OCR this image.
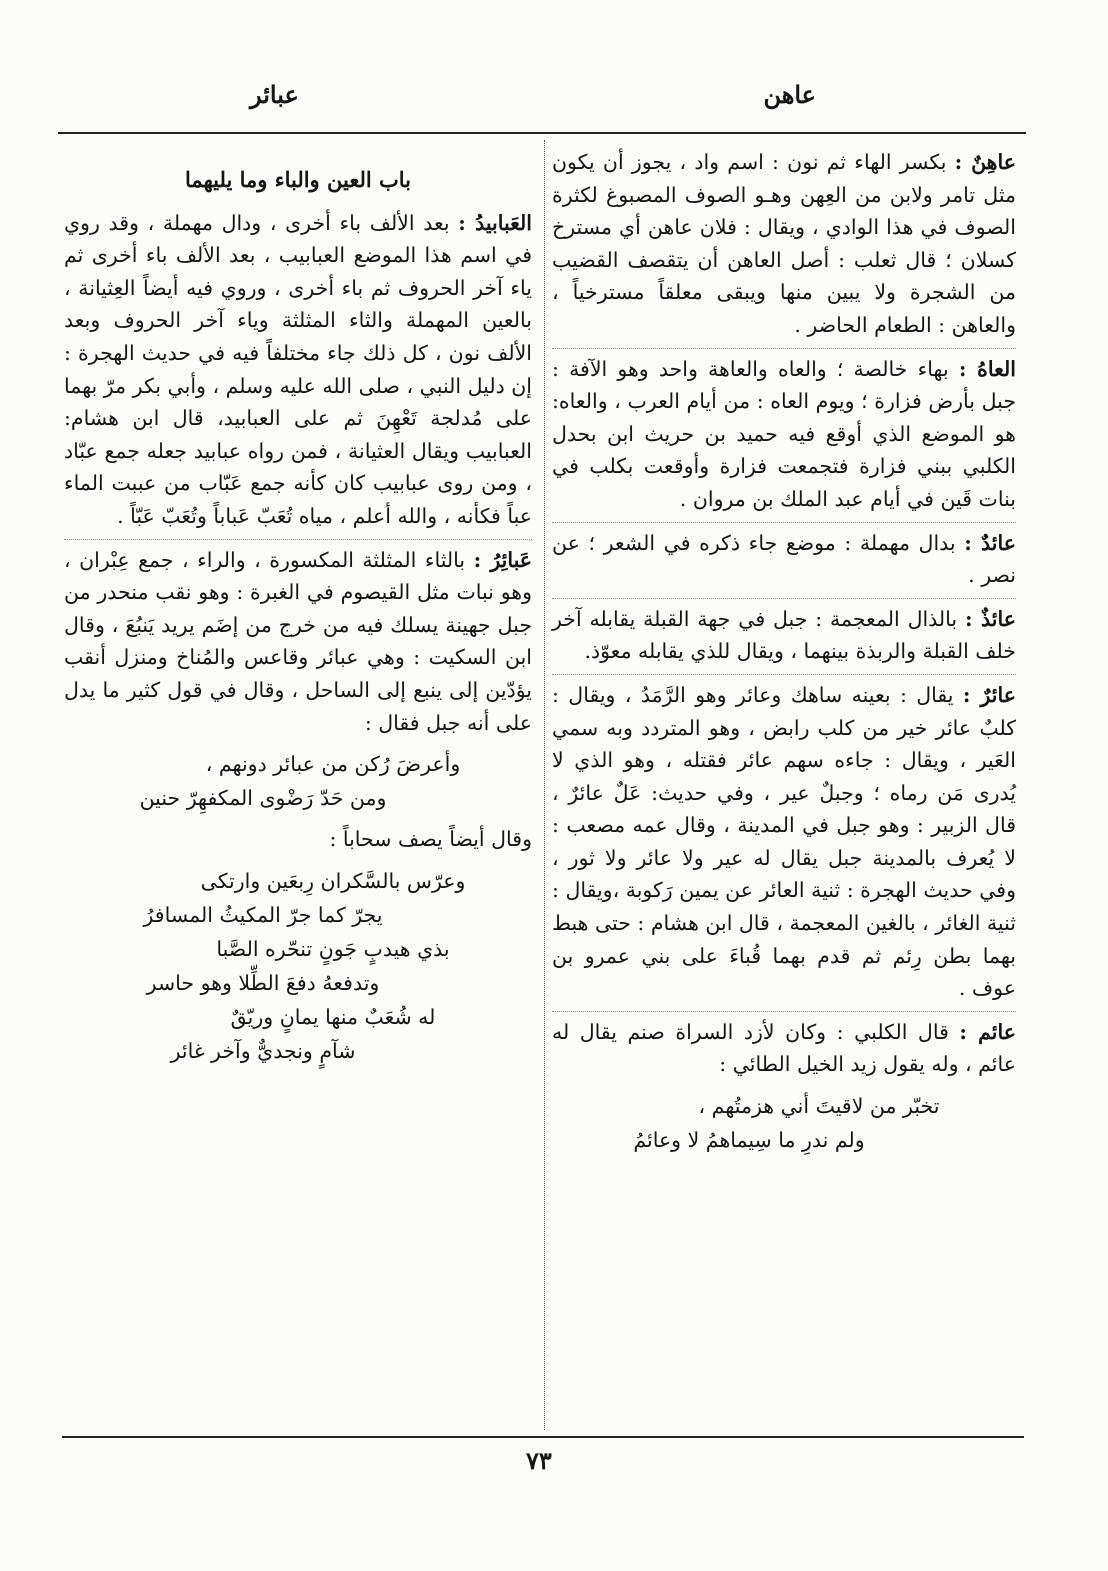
عاهن
عبائر

عاهِنٌ : بكسر الهاء ثم نون : اسم واد ، يجوز أن يكون مثل تامر ولابن من العِهن وهـو الصوف المصبوغ لكثرة الصوف في هذا الوادي ، ويقال : فلان عاهن أي مسترخ كسلان ؛ قال ثعلب : أصل العاهن أن يتقصف القضيب من الشجرة ولا يبين منها ويبقى معلقاً مسترخياً ، والعاهن : الطعام الحاضر .

العاهُ : بهاء خالصة ؛ والعاه والعاهة واحد وهو الآفة : جبل بأرض فزارة ؛ ويوم العاه : من أيام العرب ، والعاه: هو الموضع الذي أوقع فيه حميد بن حريث ابن بحدل الكلبي ببني فزارة فتجمعت فزارة وأوقعت بكلب في بنات قَين في أيام عبد الملك بن مروان .

عائدٌ : بدال مهملة : موضع جاء ذكره في الشعر ؛ عن نصر .

عائذٌ : بالذال المعجمة : جبل في جهة القبلة يقابله آخر خلف القبلة والربذة بينهما ، ويقال للذي يقابله معوّذ.

عائرٌ : يقال : بعينه ساهك وعائر وهو الرَّمَدُ ، ويقال : كلبٌ عائر خير من كلب رابض ، وهو المتردد وبه سمي العَير ، ويقال : جاءه سهم عائر فقتله ، وهو الذي لا يُدرى مَن رماه ؛ وجبلٌ عير ، وفي حديث: عَلٌ عائرٌ ، قال الزبير : وهو جبل في المدينة ، وقال عمه مصعب : لا يُعرف بالمدينة جبل يقال له عير ولا عائر ولا ثور ، وفي حديث الهجرة : ثنية العائر عن يمين رَكوبة ،ويقال : ثنية الغائر ، بالغين المعجمة ، قال ابن هشام : حتى هبط بهما بطن رِئم ثم قدم بهما قُباءَ على بني عمرو بن عوف .

عائم : قال الكلبي : وكان لأزد السراة صنم يقال له عائم ، وله يقول زيد الخيل الطائي :

تخبّر من لاقيتَ أني هزمتُهم ،
ولم ندرِ ما سِيماهمُ لا وعائمُ
باب العين والباء وما يليهما

العَبابيدُ : بعد الألف باء أخرى ، ودال مهملة ، وقد روي في اسم هذا الموضع العبابيب ، بعد الألف باء أخرى ثم ياء آخر الحروف ثم باء أخرى ، وروي فيه أيضاً العِثيانة ، بالعين المهملة والثاء المثلثة وياء آخر الحروف وبعد الألف نون ، كل ذلك جاء مختلفاً فيه في حديث الهجرة : إن دليل النبي ، صلى الله عليه وسلم ، وأبي بكر مرّ بهما على مُدلجة تَعْهِنَ ثم على العبابيد، قال ابن هشام: العبابيب ويقال العثيانة ، فمن رواه عبابيد جعله جمع عبّاد ، ومن روى عبابيب كان كأنه جمع عَبّاب من عببت الماء عباً فكأنه ، والله أعلم ، مياه تُعَبّ عَباباً وتُعَبّ عَبّاً .

عَبائِرُ : بالثاء المثلثة المكسورة ، والراء ، جمع عِبْران ، وهو نبات مثل القيصوم في الغبرة : وهو نقب منحدر من جبل جهينة يسلك فيه من خرج من إضَم يريد يَنبُعَ ، وقال ابن السكيت : وهي عبائر وقاعس والمُناخ ومنزل أنقب يؤدّين إلى ينبع إلى الساحل ، وقال في قول كثير ما يدل على أنه جبل فقال :

وأعرضَ رُكن من عبائر دونهم ،
ومن حَدّ رَضْوى المكفهِرّ حنين

وقال أيضاً يصف سحاباً :

وعرّس بالسَّكران رِبعَين وارتكى
يجرّ كما جرّ المكيثُ المسافرُ
بذي هيدبٍ جَونٍ تنحّره الصَّبا
وتدفعهُ دفعَ الطِّلا وهو حاسر
له شُعَبٌ منها يمانٍ وريّقٌ
شآمٍ ونجديٌّ وآخر غائر
٧٣
